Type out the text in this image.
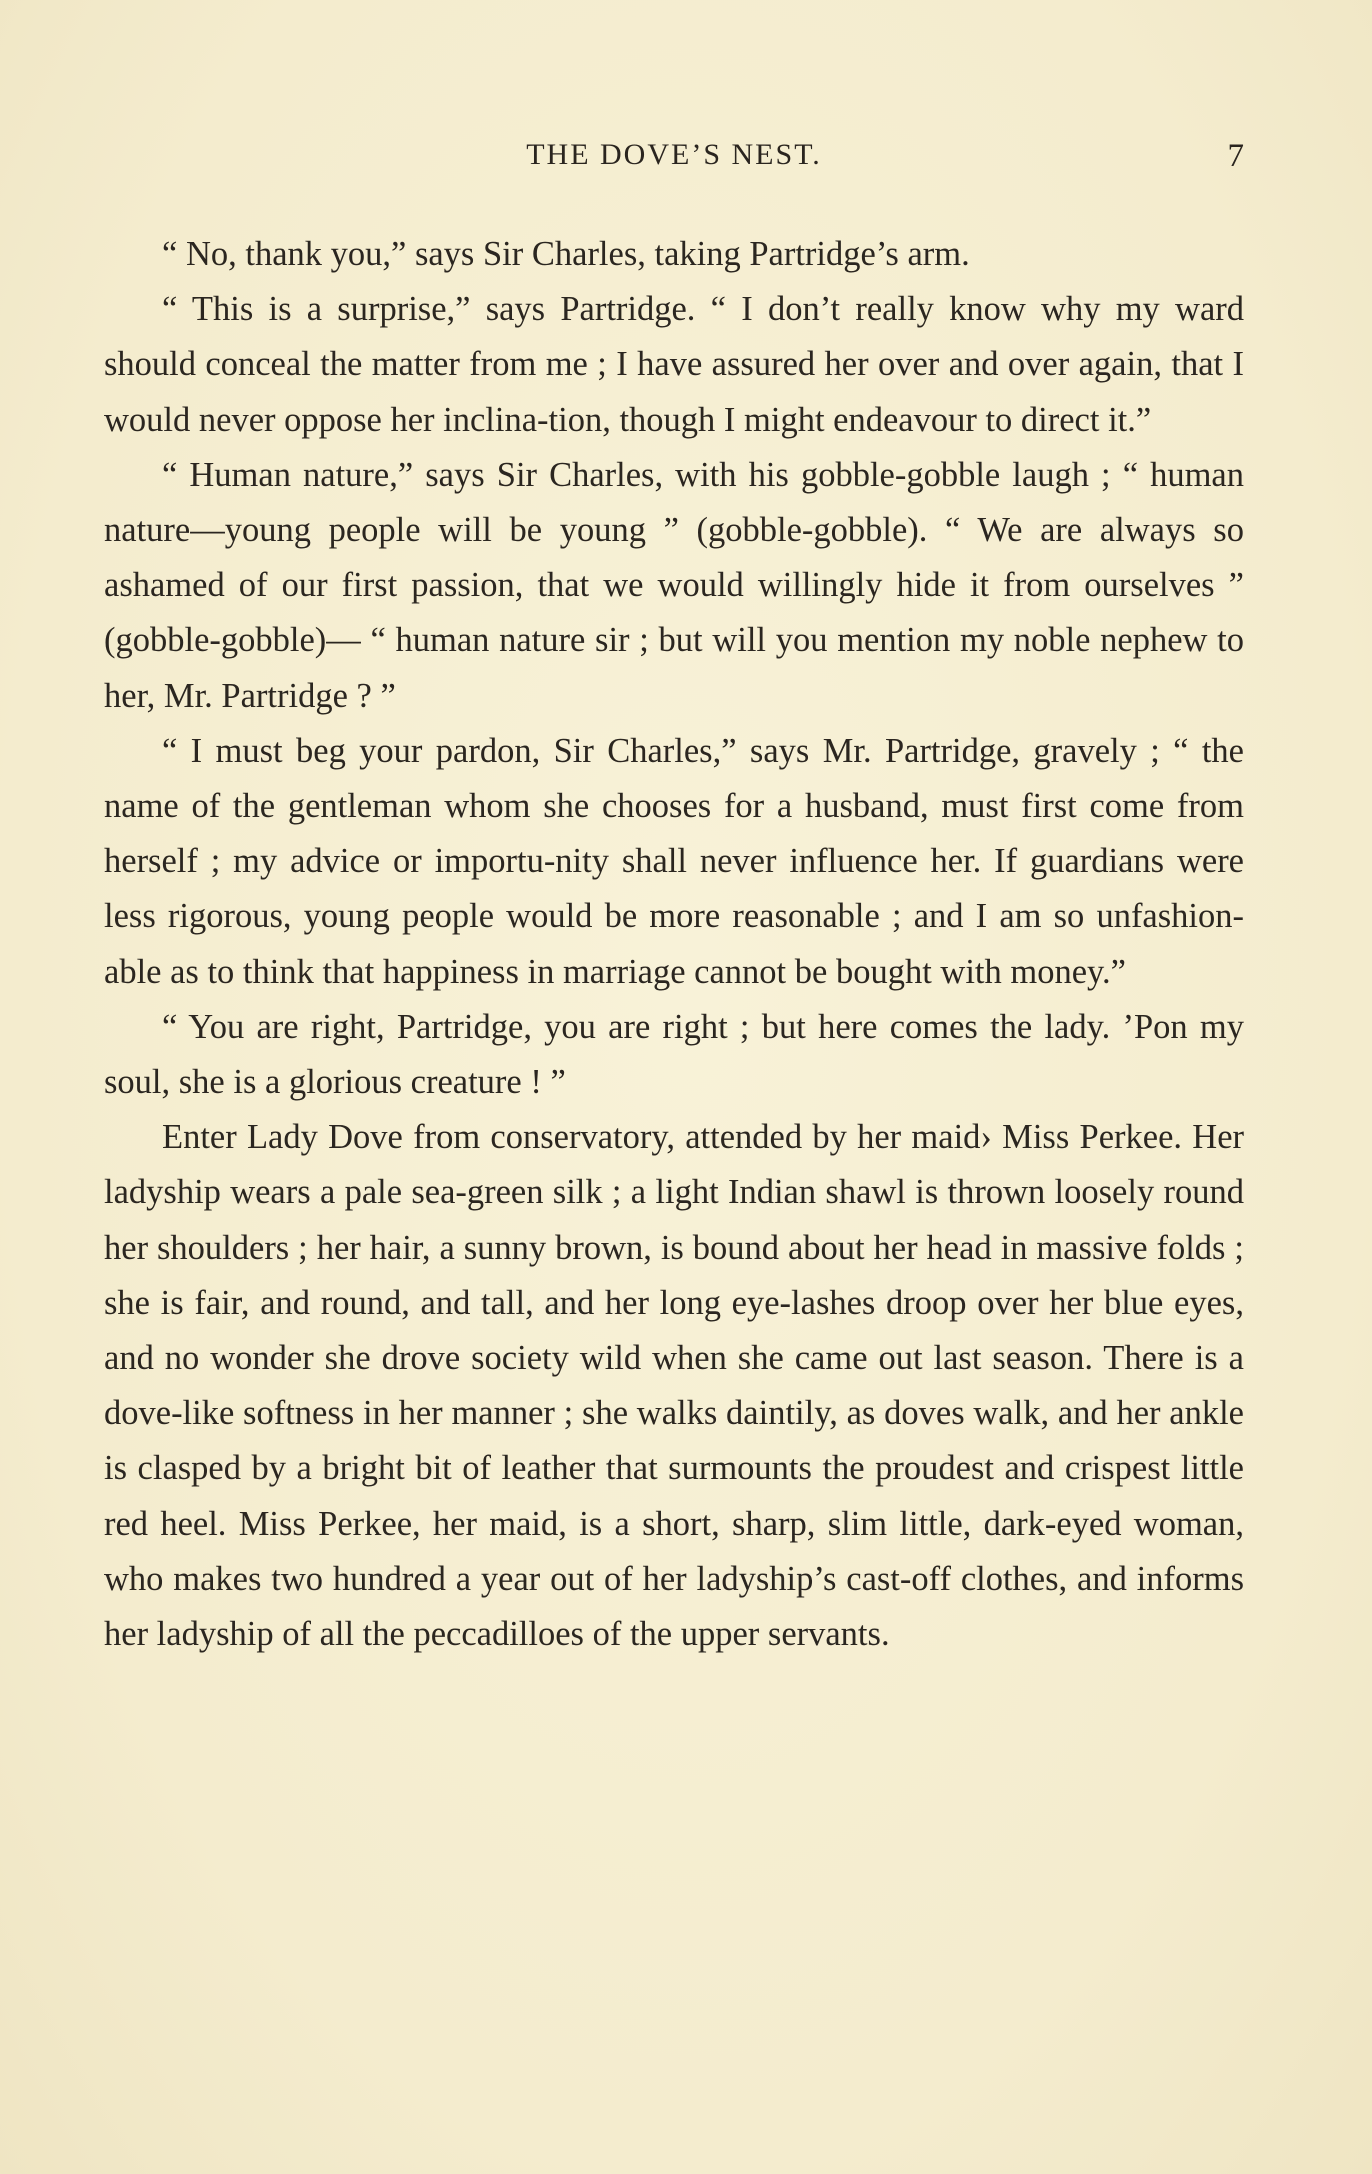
THE DOVE’S NEST.	7

“ No, thank you,” says Sir Charles, taking Partridge’s arm.

“ This is a surprise,” says Partridge. “ I don’t really know why my ward should conceal the matter from me ; I have assured her over and over again, that I would never oppose her inclina-tion, though I might endeavour to direct it.”

“ Human nature,” says Sir Charles, with his gobble-gobble laugh ; “ human nature—young people will be young ” (gobble-gobble). “ We are always so ashamed of our first passion, that we would willingly hide it from ourselves ” (gobble-gobble)— “ human nature sir ; but will you mention my noble nephew to her, Mr. Partridge ? ”

“ I must beg your pardon, Sir Charles,” says Mr. Partridge, gravely ; “ the name of the gentleman whom she chooses for a husband, must first come from herself ; my advice or importu-nity shall never influence her. If guardians were less rigorous, young people would be more reasonable ; and I am so unfashion-able as to think that happiness in marriage cannot be bought with money.”

“ You are right, Partridge, you are right ; but here comes the lady. ’Pon my soul, she is a glorious creature ! ”

Enter Lady Dove from conservatory, attended by her maid› Miss Perkee. Her ladyship wears a pale sea-green silk ; a light Indian shawl is thrown loosely round her shoulders ; her hair, a sunny brown, is bound about her head in massive folds ; she is fair, and round, and tall, and her long eye-lashes droop over her blue eyes, and no wonder she drove society wild when she came out last season. There is a dove-like softness in her manner ; she walks daintily, as doves walk, and her ankle is clasped by a bright bit of leather that surmounts the proudest and crispest little red heel. Miss Perkee, her maid, is a short, sharp, slim little, dark-eyed woman, who makes two hundred a year out of her ladyship’s cast-off clothes, and informs her ladyship of all the peccadilloes of the upper servants.
